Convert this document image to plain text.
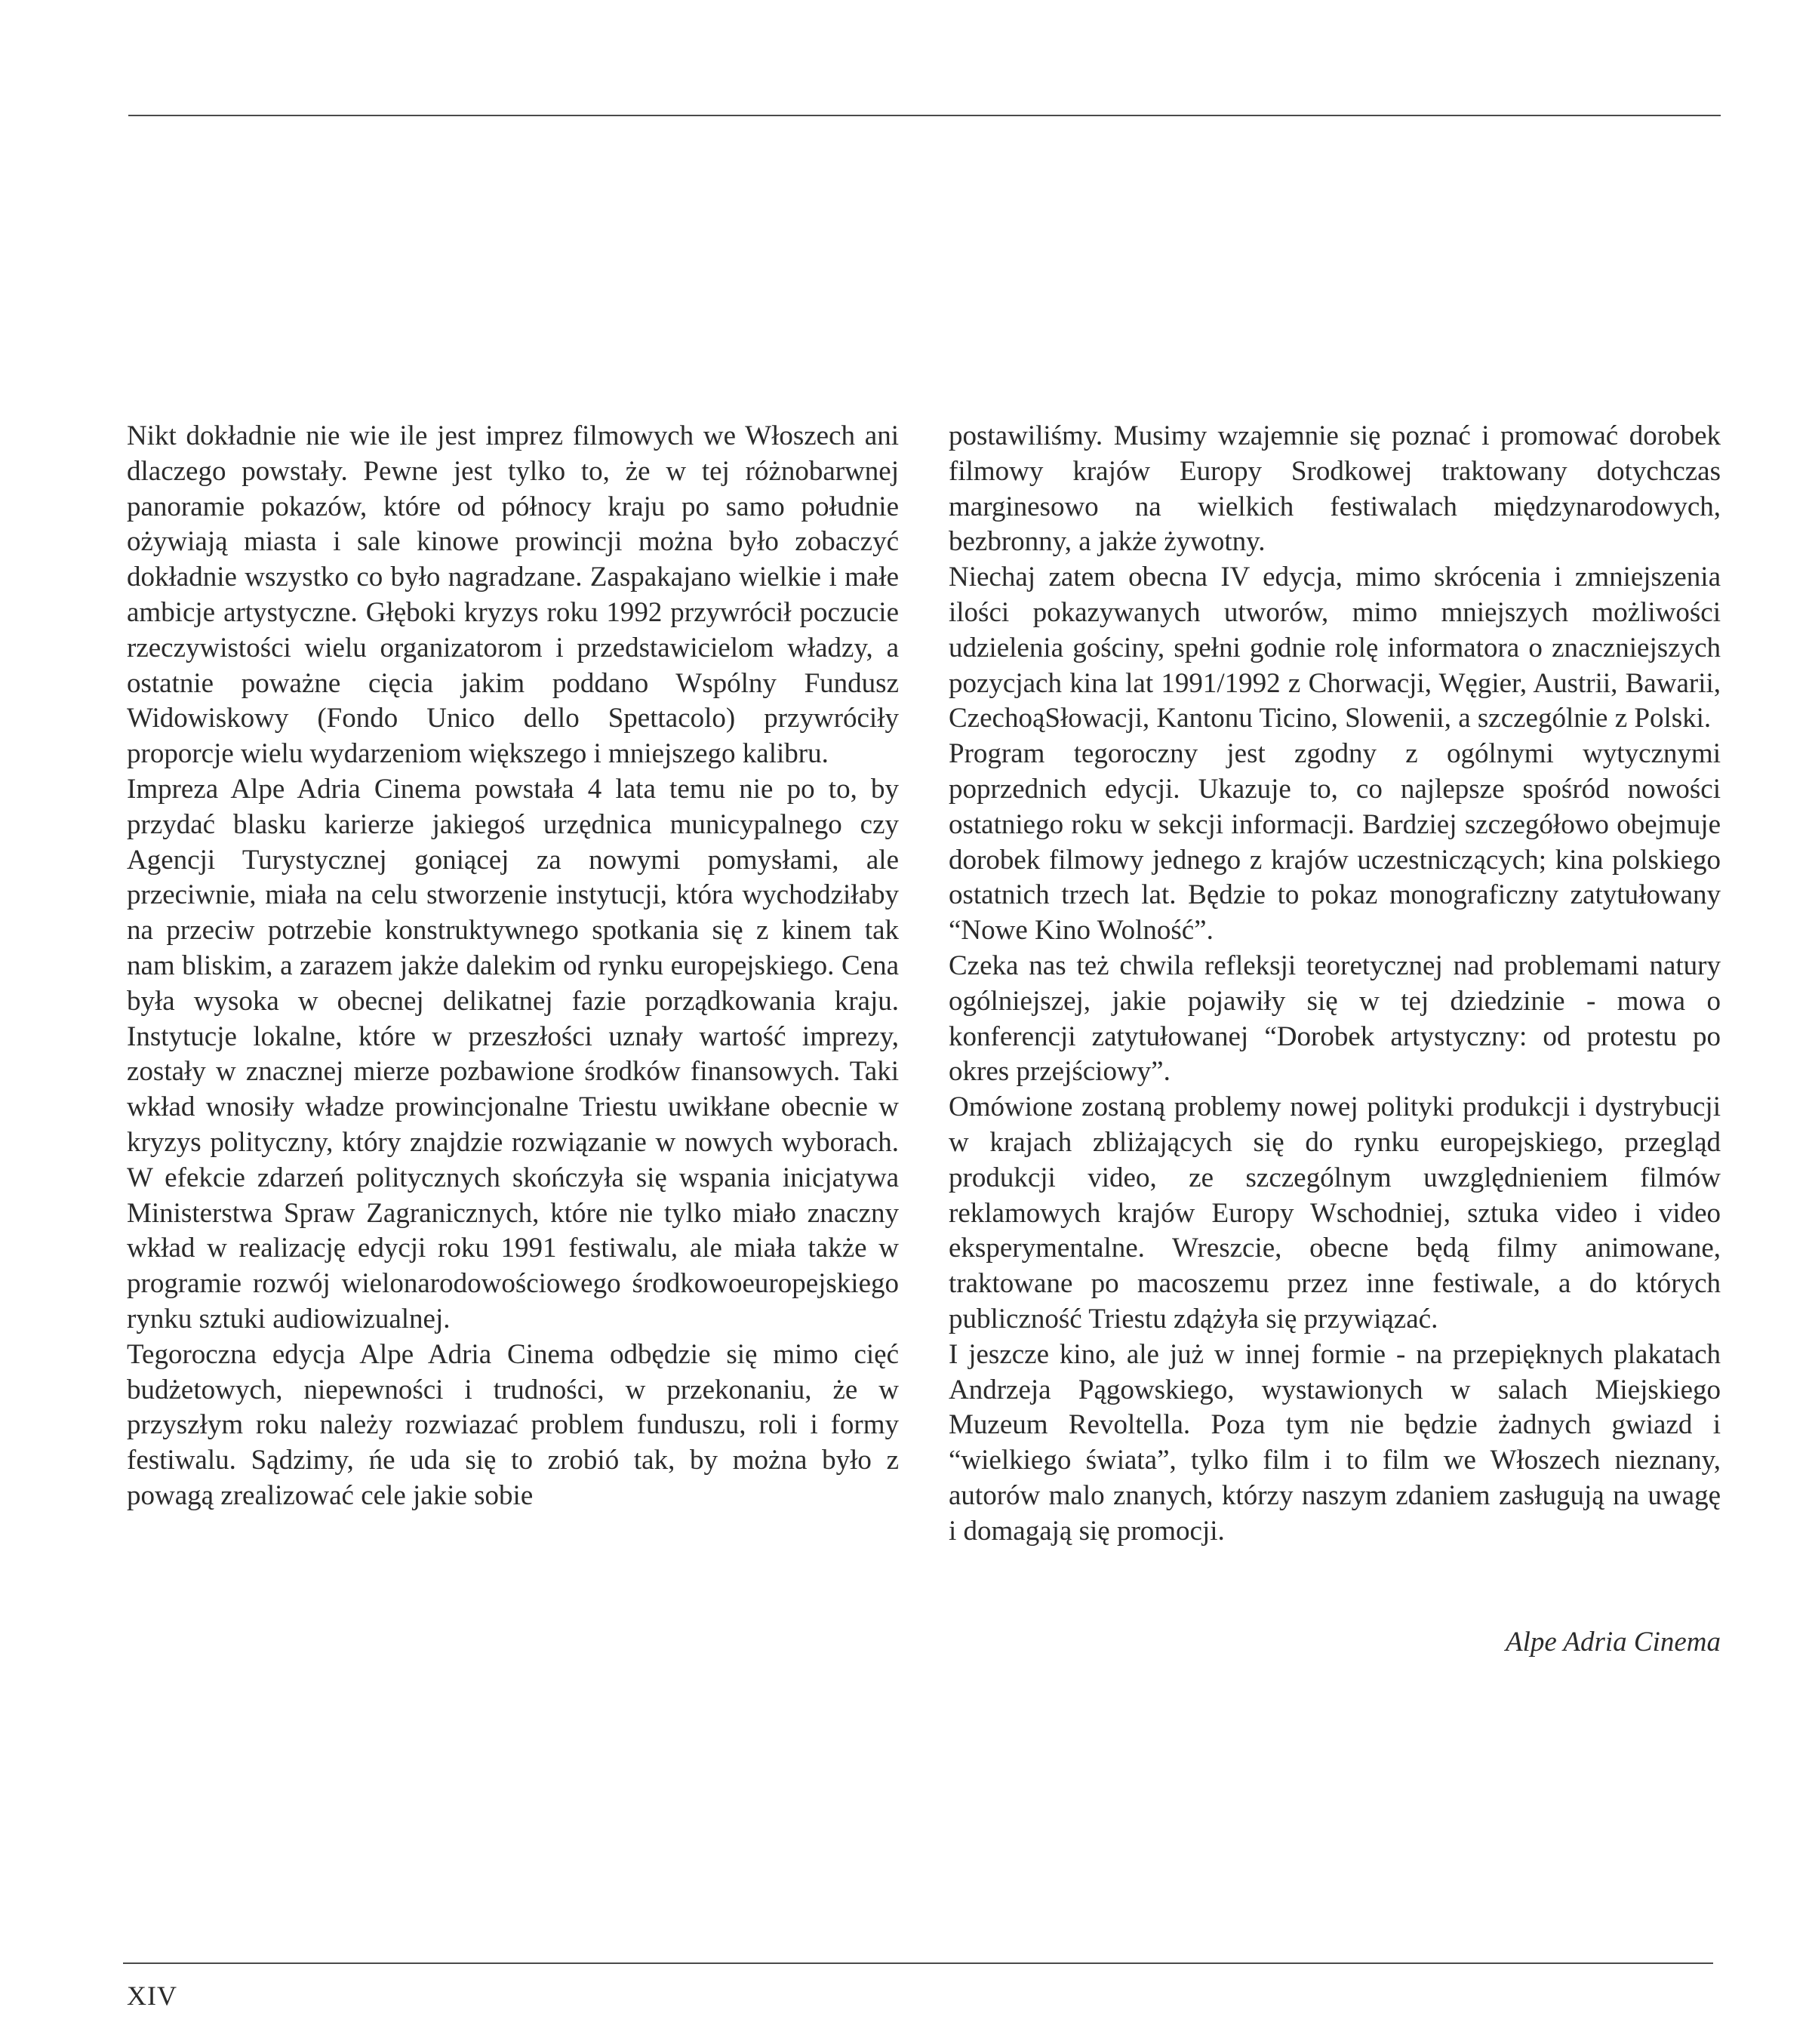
Nikt dokładnie nie wie ile jest imprez filmowych we Włoszech ani dlaczego powstały. Pewne jest tylko to, że w tej różnobarwnej panoramie pokazów, które od północy kraju po samo południe ożywiają miasta i sale kinowe prowincji można było zobaczyć dokładnie wszystko co było nagradzane. Zaspakajano wielkie i małe ambicje artystyczne. Głęboki kryzys roku 1992 przywrócił poczucie rzeczywistości wielu organizatorom i przedstawicielom władzy, a ostatnie poważne cięcia jakim poddano Wspólny Fundusz Widowiskowy (Fondo Unico dello Spettacolo) przywróciły proporcje wielu wydarzeniom większego i mniejszego kalibru.

Impreza Alpe Adria Cinema powstała 4 lata temu nie po to, by przydać blasku karierze jakiegoś urzędnica municypalnego czy Agencji Turystycznej goniącej za nowymi pomysłami, ale przeciwnie, miała na celu stworzenie instytucji, która wychodziłaby na przeciw potrzebie konstruktywnego spotkania się z kinem tak nam bliskim, a zarazem jakże dalekim od rynku europejskiego. Cena była wysoka w obecnej delikatnej fazie porządkowania kraju. Instytucje lokalne, które w przeszłości uznały wartość imprezy, zostały w znacznej mierze pozbawione środków finansowych. Taki wkład wnosiły władze prowincjonalne Triestu uwikłane obecnie w kryzys polityczny, który znajdzie rozwiązanie w nowych wyborach. W efekcie zdarzeń politycznych skończyła się wspania inicjatywa Ministerstwa Spraw Zagranicznych, które nie tylko miało znaczny wkład w realizację edycji roku 1991 festiwalu, ale miała także w programie rozwój wielonarodowościowego środkowoeuropejskiego rynku sztuki audiowizualnej.

Tegoroczna edycja Alpe Adria Cinema odbędzie się mimo cięć budżetowych, niepewności i trudności, w przekonaniu, że w przyszłym roku należy rozwiazać problem funduszu, roli i formy festiwalu. Sądzimy, ńe uda się to zrobió tak, by można było z powagą zrealizować cele jakie sobie

postawiliśmy. Musimy wzajemnie się poznać i promować dorobek filmowy krajów Europy Srodkowej traktowany dotychczas marginesowo na wielkich festiwalach międzynarodowych, bezbronny, a jakże żywotny.

Niechaj zatem obecna IV edycja, mimo skrócenia i zmniejszenia ilości pokazywanych utworów, mimo mniejszych możliwości udzielenia gościny, spełni godnie rolę informatora o znaczniejszych pozycjach kina lat 1991/1992 z Chorwacji, Węgier, Austrii, Bawarii, CzechoąSłowacji, Kantonu Ticino, Slowenii, a szczególnie z Polski.

Program tegoroczny jest zgodny z ogólnymi wytycznymi poprzednich edycji. Ukazuje to, co najlepsze spośród nowości ostatniego roku w sekcji informacji. Bardziej szczegółowo obejmuje dorobek filmowy jednego z krajów uczestniczących; kina polskiego ostatnich trzech lat. Będzie to pokaz monograficzny zatytułowany “Nowe Kino Wolność”.

Czeka nas też chwila refleksji teoretycznej nad problemami natury ogólniejszej, jakie pojawiły się w tej dziedzinie - mowa o konferencji zatytułowanej “Dorobek artystyczny: od protestu po okres przejściowy”.

Omówione zostaną problemy nowej polityki produkcji i dystrybucji w krajach zbliżających się do rynku europejskiego, przegląd produkcji video, ze szczególnym uwzględnieniem filmów reklamowych krajów Europy Wschodniej, sztuka video i video eksperymentalne. Wreszcie, obecne będą filmy animowane, traktowane po macoszemu przez inne festiwale, a do których publiczność Triestu zdążyła się przywiązać.

I jeszcze kino, ale już w innej formie - na przepięknych plakatach Andrzeja Pągowskiego, wystawionych w salach Miejskiego Muzeum Revoltella. Poza tym nie będzie żadnych gwiazd i “wielkiego świata”, tylko film i to film we Włoszech nieznany, autorów malo znanych, którzy naszym zdaniem zasługują na uwagę i domagają się promocji.

Alpe Adria Cinema
XIV
